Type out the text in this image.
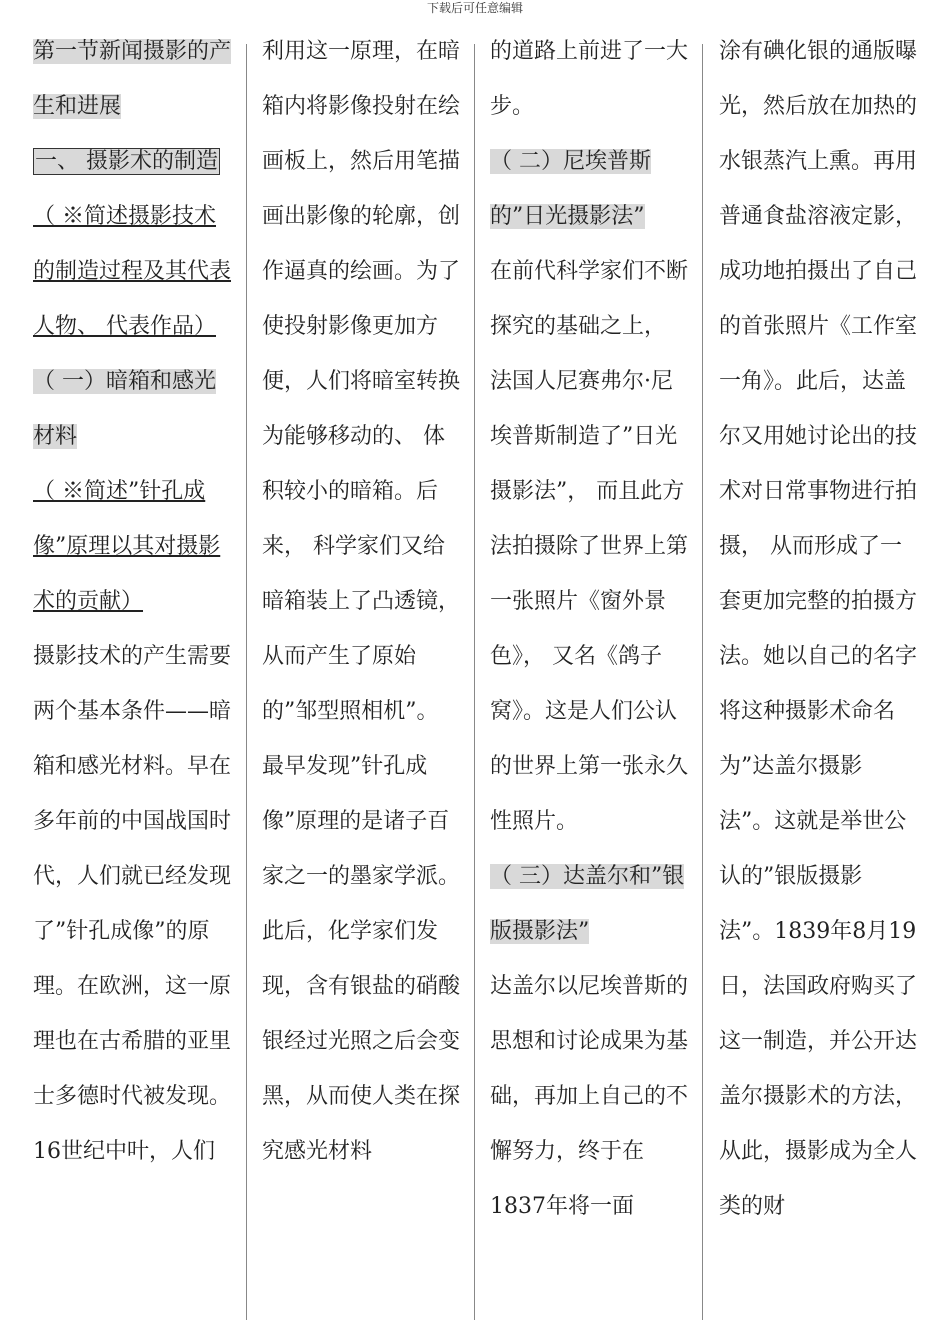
下载后可任意编辑

第一节新闻摄影的产生和进展

一、 摄影术的制造（ ※简述摄影技术的制造过程及其代表人物、 代表作品）

（ 一）暗箱和感光材料

（ ※简述”针孔成像”原理以其对摄影术的贡献）

摄影技术的产生需要两个基本条件——暗箱和感光材料。早在 多年前的中国战国时代，人们就已经发现了”针孔成像”的原理。在欧洲，这一原理也在古希腊的亚里士多德时代被发现。16世纪中叶，人们

利用这一原理，在暗箱内将影像投射在绘画板上，然后用笔描画出影像的轮廓，创作逼真的绘画。为了使投射影像更加方便，人们将暗室转换为能够移动的、 体积较小的暗箱。后来， 科学家们又给暗箱装上了凸透镜，从而产生了原始的”邹型照相机”。最早发现”针孔成像”原理的是诸子百家之一的墨家学派。

此后，化学家们发现，含有银盐的硝酸银经过光照之后会变黑，从而使人类在探究感光材料

的道路上前进了一大步。

（ 二）尼埃普斯的”日光摄影法”

在前代科学家们不断探究的基础之上， 法国人尼赛弗尔·尼埃普斯制造了”日光摄影法”， 而且此方法拍摄除了世界上第一张照片《窗外景色》， 又名《鸽子窝》。这是人们公认的世界上第一张永久性照片。

（ 三）达盖尔和”银版摄影法”

达盖尔以尼埃普斯的思想和讨论成果为基础，再加上自己的不懈努力，终于在1837年将一面

涂有碘化银的通版曝光，然后放在加热的水银蒸汽上熏。再用普通食盐溶液定影，成功地拍摄出了自己的首张照片《工作室一角》。此后，达盖尔又用她讨论出的技术对日常事物进行拍摄， 从而形成了一套更加完整的拍摄方法。她以自己的名字将这种摄影术命名为”达盖尔摄影法”。这就是举世公认的”银版摄影法”。1839年8月19日，法国政府购买了这一制造，并公开达盖尔摄影术的方法，从此，摄影成为全人类的财
